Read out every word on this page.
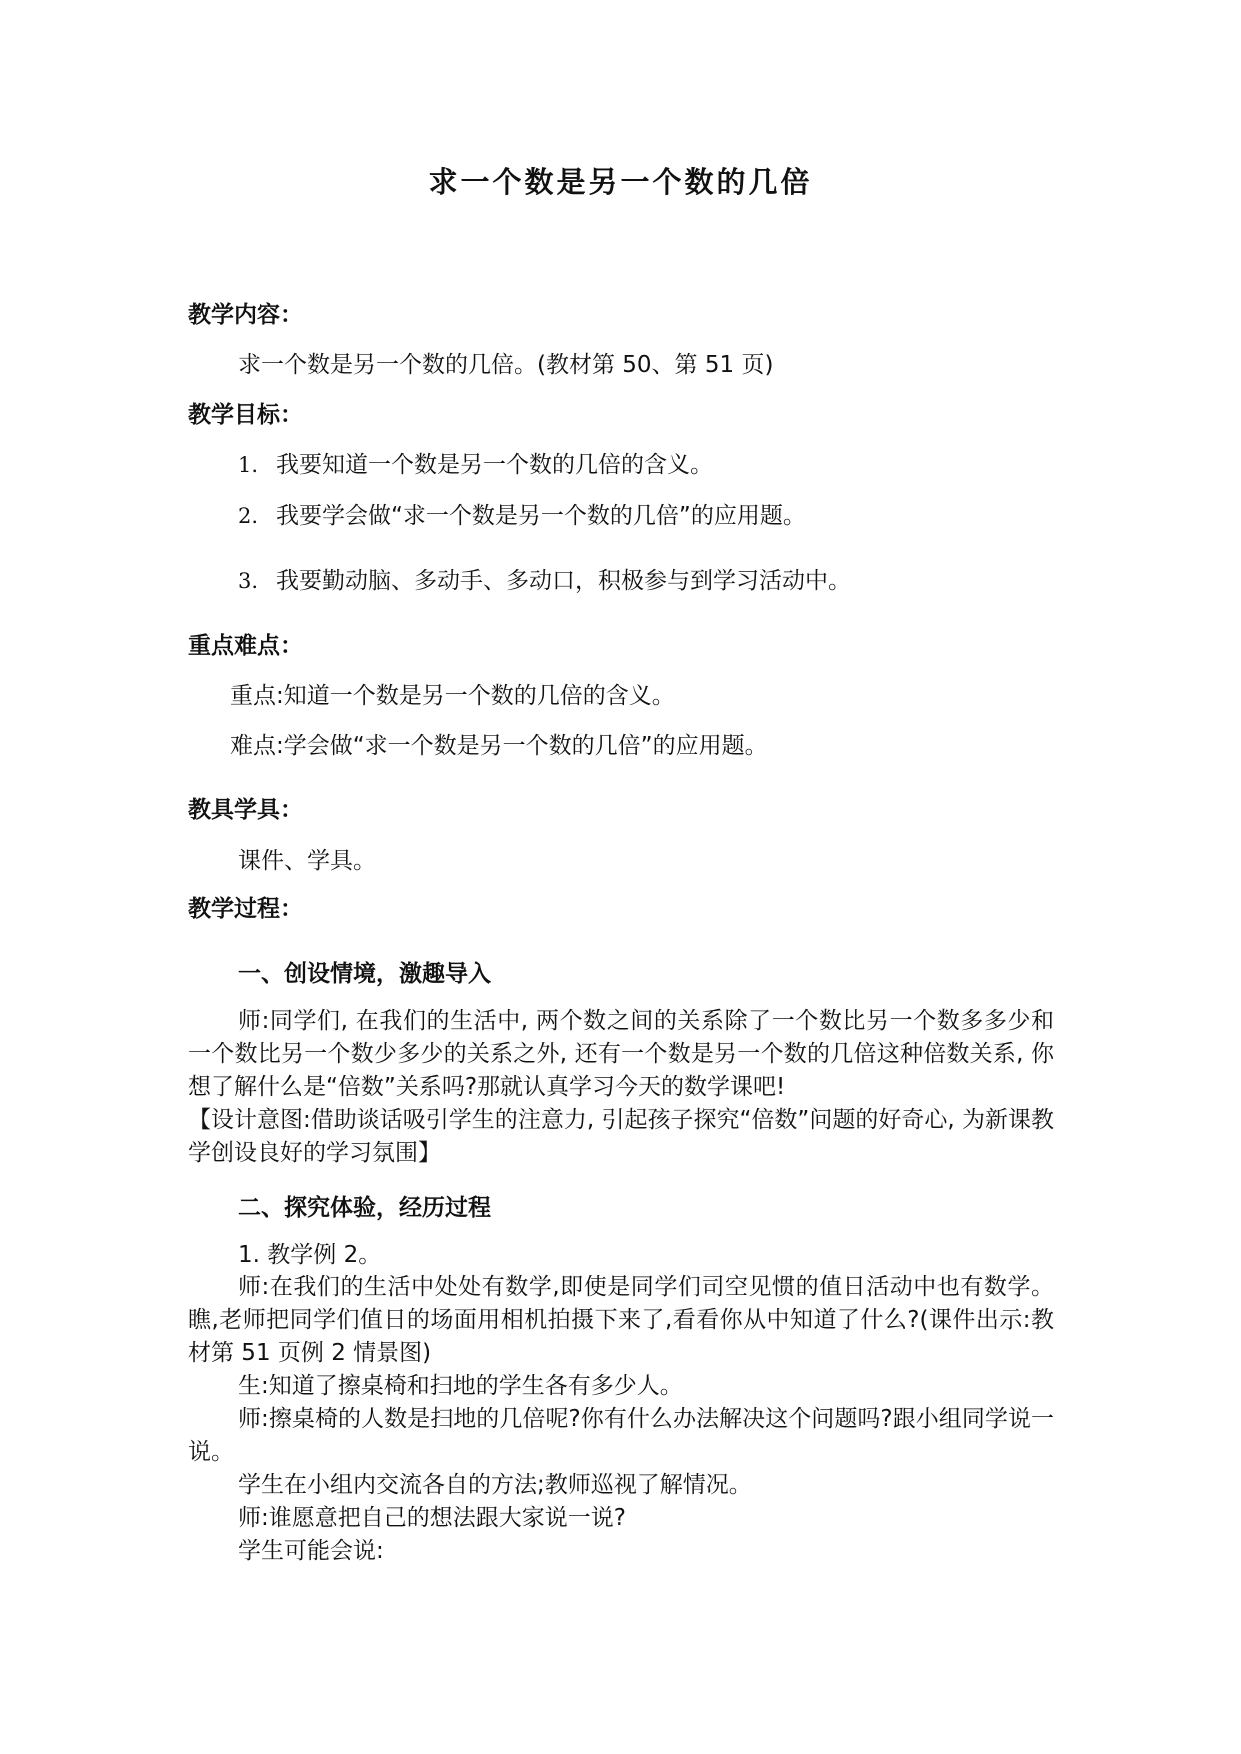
求一个数是另一个数的几倍
教学内容：
求一个数是另一个数的几倍。(教材第 50、第 51 页)
教学目标：
1. 我要知道一个数是另一个数的几倍的含义。
2. 我要学会做“求一个数是另一个数的几倍”的应用题。
3. 我要勤动脑、多动手、多动口，积极参与到学习活动中。
重点难点：
重点:知道一个数是另一个数的几倍的含义。
难点:学会做“求一个数是另一个数的几倍”的应用题。
教具学具：
课件、学具。
教学过程：
一、创设情境，激趣导入

师:同学们, 在我们的生活中, 两个数之间的关系除了一个数比另一个数多多少和一个数比另一个数少多少的关系之外, 还有一个数是另一个数的几倍这种倍数关系, 你想了解什么是“倍数”关系吗?那就认真学习今天的数学课吧!

【设计意图:借助谈话吸引学生的注意力, 引起孩子探究“倍数”问题的好奇心, 为新课教学创设良好的学习氛围】

二、探究体验，经历过程
1. 教学例 2。

师:在我们的生活中处处有数学,即使是同学们司空见惯的值日活动中也有数学。瞧,老师把同学们值日的场面用相机拍摄下来了,看看你从中知道了什么?(课件出示:教材第 51 页例 2 情景图)

生:知道了擦桌椅和扫地的学生各有多少人。

师:擦桌椅的人数是扫地的几倍呢?你有什么办法解决这个问题吗?跟小组同学说一说。

学生在小组内交流各自的方法;教师巡视了解情况。

师:谁愿意把自己的想法跟大家说一说?

学生可能会说:
